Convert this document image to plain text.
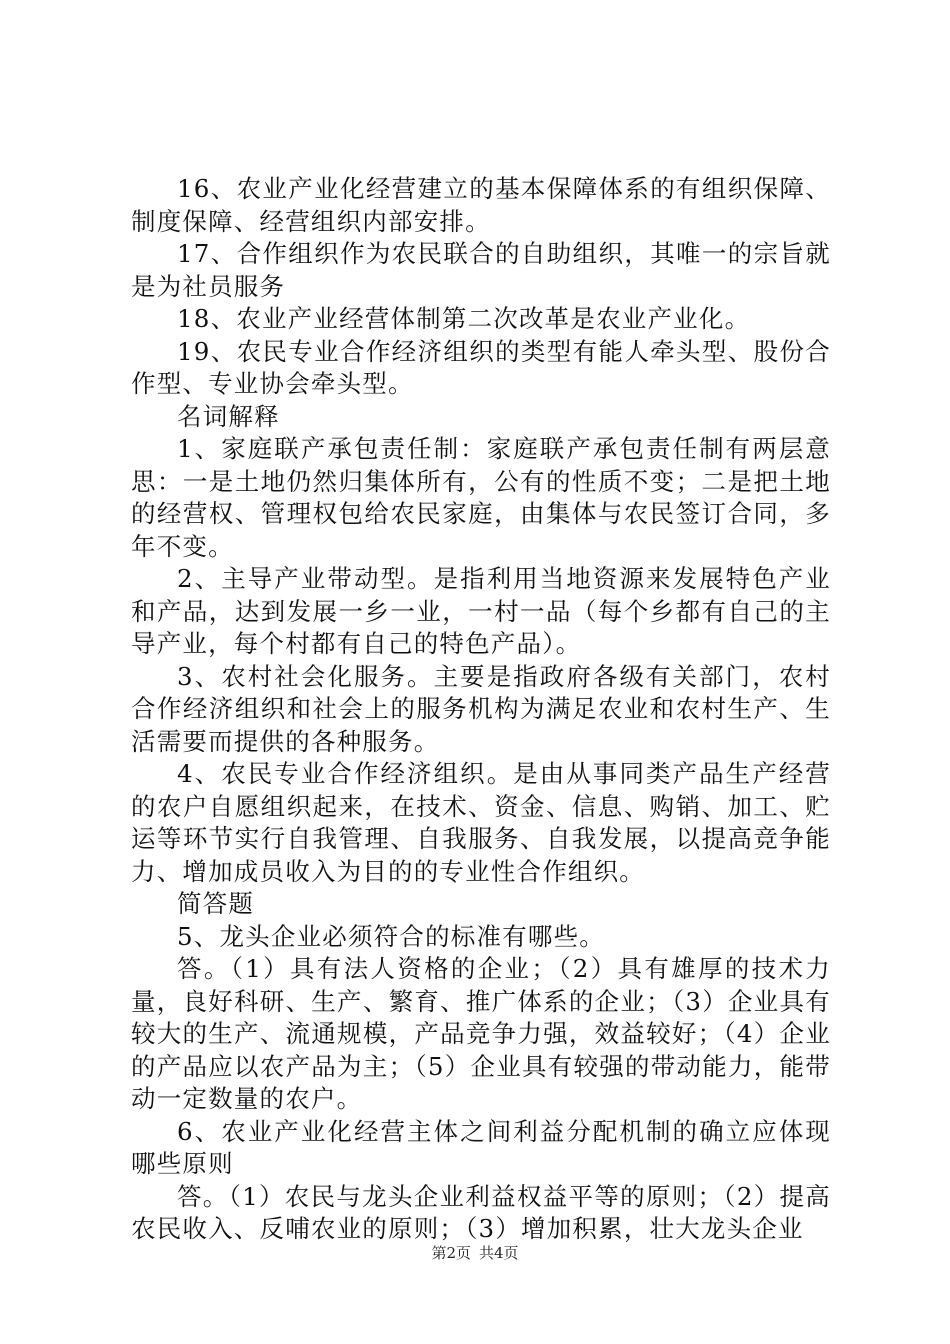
16、农业产业化经营建立的基本保障体系的有组织保障、制度保障、经营组织内部安排。

17、合作组织作为农民联合的自助组织，其唯一的宗旨就是为社员服务

18、农业产业经营体制第二次改革是农业产业化。

19、农民专业合作经济组织的类型有能人牵头型、股份合作型、专业协会牵头型。

名词解释

1、家庭联产承包责任制：家庭联产承包责任制有两层意思：一是土地仍然归集体所有，公有的性质不变；二是把土地的经营权、管理权包给农民家庭，由集体与农民签订合同，多年不变。

2、主导产业带动型。是指利用当地资源来发展特色产业和产品，达到发展一乡一业，一村一品（每个乡都有自己的主导产业，每个村都有自己的特色产品）。

3、农村社会化服务。主要是指政府各级有关部门，农村合作经济组织和社会上的服务机构为满足农业和农村生产、生活需要而提供的各种服务。

4、农民专业合作经济组织。是由从事同类产品生产经营的农户自愿组织起来，在技术、资金、信息、购销、加工、贮运等环节实行自我管理、自我服务、自我发展，以提高竞争能力、增加成员收入为目的的专业性合作组织。

简答题

5、龙头企业必须符合的标准有哪些。

答。（1）具有法人资格的企业；（2）具有雄厚的技术力量，良好科研、生产、繁育、推广体系的企业；（3）企业具有较大的生产、流通规模，产品竞争力强，效益较好；（4）企业的产品应以农产品为主；（5）企业具有较强的带动能力，能带动一定数量的农户。

6、农业产业化经营主体之间利益分配机制的确立应体现哪些原则

答。（1）农民与龙头企业利益权益平等的原则；（2）提高农民收入、反哺农业的原则；（3）增加积累，壮大龙头企业

第2页 共4页
